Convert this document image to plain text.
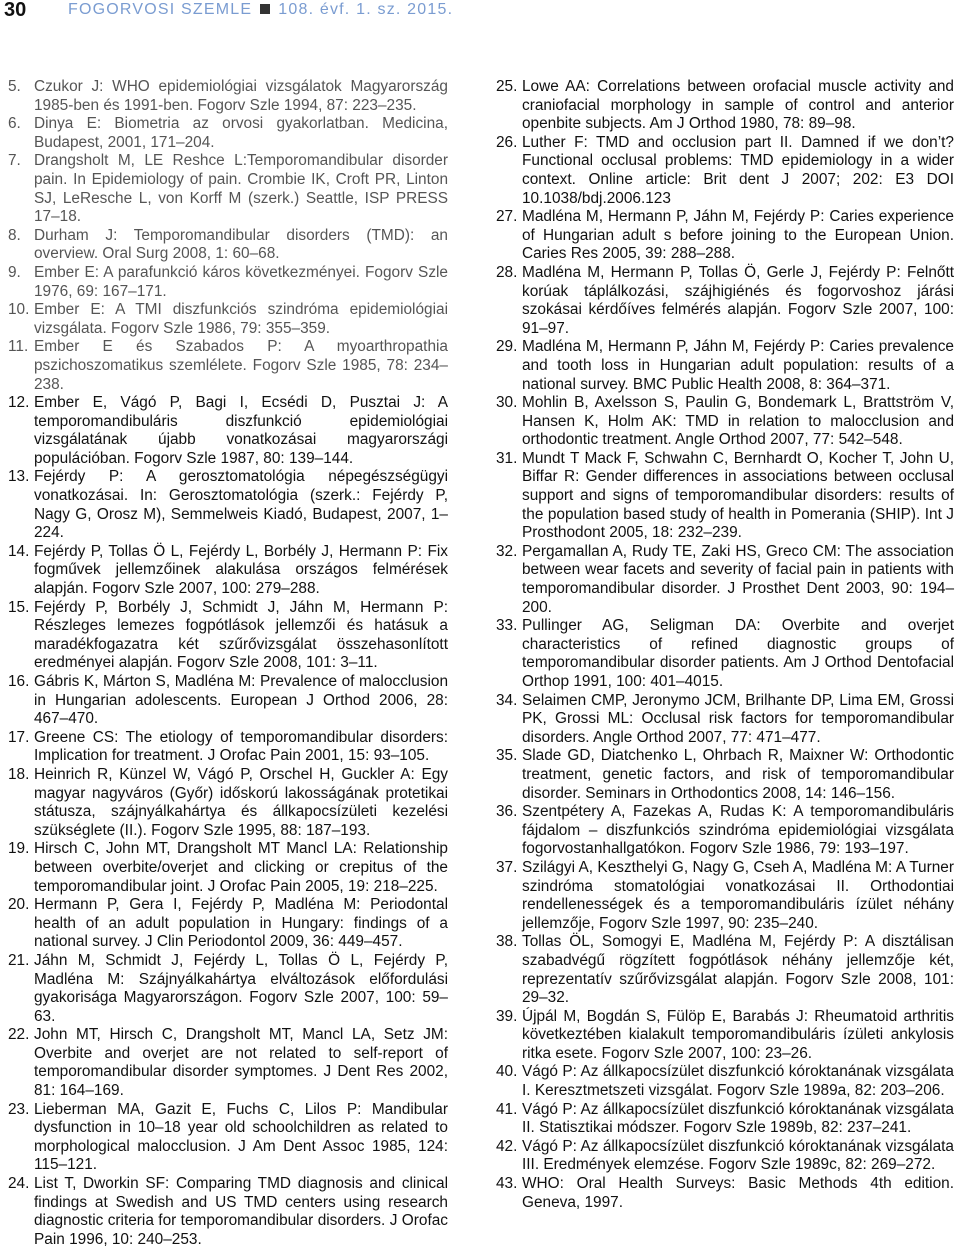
30	FOGORVOSI SZEMLE 108. évf. 1. sz. 2015.

5. Czukor J: WHO epidemiológiai vizsgálatok Magyarország 1985-ben és 1991-ben. Fogorv Szle 1994, 87: 223–235.

6. Dinya E: Biometria az orvosi gyakorlatban. Medicina, Budapest, 2001, 171–204.

7. Drangsholt M, LE Reshce L:Temporomandibular disorder pain. In Epidemiology of pain. Crombie IK, Croft PR, Linton SJ, LeResche L, von Korff M (szerk.) Seattle, ISP PRESS 17–18.

8. Durham J: Temporomandibular disorders (TMD): an overview. Oral Surg 2008, 1: 60–68.

9. Ember E: A parafunkció káros következményei. Fogorv Szle 1976, 69: 167–171.

10. Ember E: A TMI diszfunkciós szindróma epidemiológiai vizsgálata. Fogorv Szle 1986, 79: 355–359.

11. Ember E és Szabados P: A myoarthropathia pszichoszomatikus szemlélete. Fogorv Szle 1985, 78: 234–238.

12. Ember E, Vágó P, Bagi I, Ecsédi D, Pusztai J: A temporomandibuláris diszfunkció epidemiológiai vizsgálatának újabb vonatkozásai magyarországi populációban. Fogorv Szle 1987, 80: 139–144.

13. Fejérdy P: A gerosztomatológia népegészségügyi vonatkozásai. In: Gerosztomatológia (szerk.: Fejérdy P, Nagy G, Orosz M), Semmelweis Kiadó, Budapest, 2007, 1–224.

14. Fejérdy P, Tollas Ö L, Fejérdy L, Borbély J, Hermann P: Fix fogművek jellemzőinek alakulása országos felmérések alapján. Fogorv Szle 2007, 100: 279–288.

15. Fejérdy P, Borbély J, Schmidt J, Jáhn M, Hermann P: Részleges lemezes fogpótlások jellemzői és hatásuk a maradékfogazatra két szűrővizsgálat összehasonlított eredményei alapján. Fogorv Szle 2008, 101: 3–11.

16. Gábris K, Márton S, Madléna M: Prevalence of malocclusion in Hungarian adolescents. European J Orthod 2006, 28: 467–470.

17. Greene CS: The etiology of temporomandibular disorders: Implication for treatment. J Orofac Pain 2001, 15: 93–105.

18. Heinrich R, Künzel W, Vágó P, Orschel H, Guckler A: Egy magyar nagyváros (Győr) időskorú lakosságának protetikai státusza, szájnyálkahártya és állkapocsízületi kezelési szükséglete (II.). Fogorv Szle 1995, 88: 187–193.

19. Hirsch C, John MT, Drangsholt MT Mancl LA: Relationship between overbite/overjet and clicking or crepitus of the temporomandibular joint. J Orofac Pain 2005, 19: 218–225.

20. Hermann P, Gera I, Fejérdy P, Madléna M: Periodontal health of an adult population in Hungary: findings of a national survey. J Clin Periodontol 2009, 36: 449–457.

21. Jáhn M, Schmidt J, Fejérdy L, Tollas Ö L, Fejérdy P, Madléna M: Szájnyálkahártya elváltozások előfordulási gyakorisága Magyarországon. Fogorv Szle 2007, 100: 59–63.

22. John MT, Hirsch C, Drangsholt MT, Mancl LA, Setz JM: Overbite and overjet are not related to self-report of temporomandibular disorder symptomes. J Dent Res 2002, 81: 164–169.

23. Lieberman MA, Gazit E, Fuchs C, Lilos P: Mandibular dysfunction in 10–18 year old schoolchildren as related to morphological malocclusion. J Am Dent Assoc 1985, 124: 115–121.

24. List T, Dworkin SF: Comparing TMD diagnosis and clinical findings at Swedish and US TMD centers using research diagnostic criteria for temporomandibular disorders. J Orofac Pain 1996, 10: 240–253.

25. Lowe AA: Correlations between orofacial muscle activity and craniofacial morphology in sample of control and anterior openbite subjects. Am J Orthod 1980, 78: 89–98.

26. Luther F: TMD and occlusion part II. Damned if we don’t? Functional occlusal problems: TMD epidemiology in a wider context. Online article: Brit dent J 2007; 202: E3 DOI 10.1038/bdj.2006.123

27. Madléna M, Hermann P, Jáhn M, Fejérdy P: Caries experience of Hungarian adult s before joining to the European Union. Caries Res 2005, 39: 288–288.

28. Madléna M, Hermann P, Tollas Ö, Gerle J, Fejérdy P: Felnőtt korúak táplálkozási, szájhigiénés és fogorvoshoz járási szokásai kérdőíves felmérés alapján. Fogorv Szle 2007, 100: 91–97.

29. Madléna M, Hermann P, Jáhn M, Fejérdy P: Caries prevalence and tooth loss in Hungarian adult population: results of a national survey. BMC Public Health 2008, 8: 364–371.

30. Mohlin B, Axelsson S, Paulin G, Bondemark L, Brattström V, Hansen K, Holm AK: TMD in relation to malocclusion and orthodontic treatment. Angle Orthod 2007, 77: 542–548.

31. Mundt T Mack F, Schwahn C, Bernhardt O, Kocher T, John U, Biffar R: Gender differences in associations between occlusal support and signs of temporomandibular disorders: results of the population based study of health in Pomerania (SHIP). Int J Prosthodont 2005, 18: 232–239.

32. Pergamallan A, Rudy TE, Zaki HS, Greco CM: The association between wear facets and severity of facial pain in patients with temporomandibular disorder. J Prosthet Dent 2003, 90: 194–200.

33. Pullinger AG, Seligman DA: Overbite and overjet characteristics of refined diagnostic groups of temporomandibular disorder patients. Am J Orthod Dentofacial Orthop 1991, 100: 401–4015.

34. Selaimen CMP, Jeronymo JCM, Brilhante DP, Lima EM, Grossi PK, Grossi ML: Occlusal risk factors for temporomandibular disorders. Angle Orthod 2007, 77: 471–477.

35. Slade GD, Diatchenko L, Ohrbach R, Maixner W: Orthodontic treatment, genetic factors, and risk of temporomandibular disorder. Seminars in Orthodontics 2008, 14: 146–156.

36. Szentpétery A, Fazekas A, Rudas K: A temporomandibuláris fájdalom – diszfunkciós szindróma epidemiológiai vizsgálata fogorvostanhallgatókon. Fogorv Szle 1986, 79: 193–197.

37. Szilágyi A, Keszthelyi G, Nagy G, Cseh A, Madléna M: A Turner szindróma stomatológiai vonatkozásai II. Orthodontiai rendellenességek és a temporomandibuláris ízület néhány jellemzője, Fogorv Szle 1997, 90: 235–240.

38. Tollas ÖL, Somogyi E, Madléna M, Fejérdy P: A disztálisan szabadvégű rögzített fogpótlások néhány jellemzője két, reprezentatív szűrővizsgálat alapján. Fogorv Szle 2008, 101: 29–32.

39. Újpál M, Bogdán S, Fülöp E, Barabás J: Rheumatoid arthritis következtében kialakult temporomandibuláris ízületi ankylosis ritka esete. Fogorv Szle 2007, 100: 23–26.

40. Vágó P: Az állkapocsízület diszfunkció kóroktanának vizsgálata I. Keresztmetszeti vizsgálat. Fogorv Szle 1989a, 82: 203–206.

41. Vágó P: Az állkapocsízület diszfunkció kóroktanának vizsgálata II. Statisztikai módszer. Fogorv Szle 1989b, 82: 237–241.

42. Vágó P: Az állkapocsízület diszfunkció kóroktanának vizsgálata III. Eredmények elemzése. Fogorv Szle 1989c, 82: 269–272.

43. WHO: Oral Health Surveys: Basic Methods 4th edition. Geneva, 1997.
